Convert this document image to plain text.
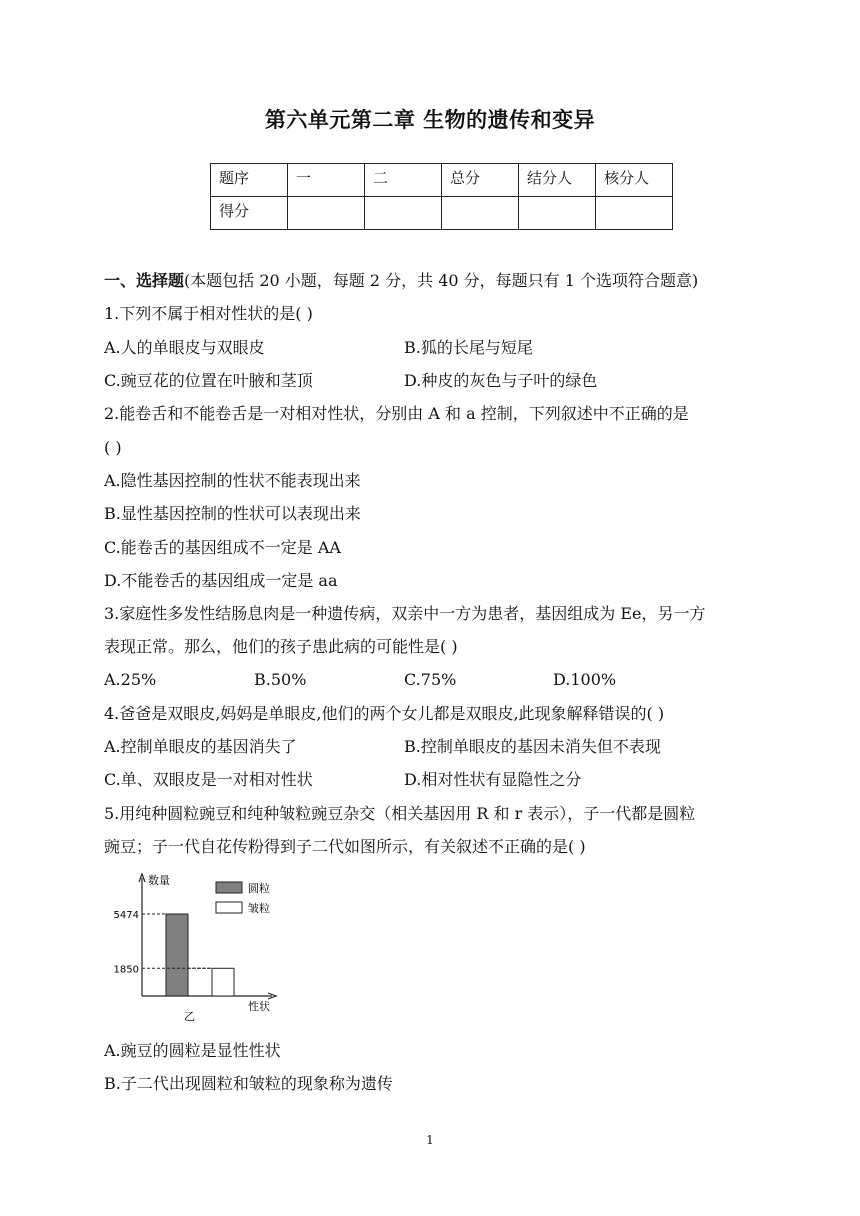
第六单元第二章 生物的遗传和变异
题序	一	二	总分	结分人	核分人
得分					
一、选择题(本题包括 20 小题，每题 2 分，共 40 分，每题只有 1 个选项符合题意)
1.下列不属于相对性状的是( )
A.人的单眼皮与双眼皮	B.狐的长尾与短尾
C.豌豆花的位置在叶腋和茎顶	D.种皮的灰色与子叶的绿色
2.能卷舌和不能卷舌是一对相对性状，分别由 A 和 a 控制，下列叙述中不正确的是
( )
A.隐性基因控制的性状不能表现出来
B.显性基因控制的性状可以表现出来
C.能卷舌的基因组成不一定是 AA
D.不能卷舌的基因组成一定是 aa
3.家庭性多发性结肠息肉是一种遗传病，双亲中一方为患者，基因组成为 Ee，另一方
表现正常。那么，他们的孩子患此病的可能性是( )
A.25%	B.50%	C.75%	D.100%
4.爸爸是双眼皮,妈妈是单眼皮,他们的两个女儿都是双眼皮,此现象解释错误的( )
A.控制单眼皮的基因消失了	B.控制单眼皮的基因未消失但不表现
C.单、双眼皮是一对相对性状	D.相对性状有显隐性之分
5.用纯种圆粒豌豆和纯种皱粒豌豆杂交（相关基因用 R 和 r 表示），子一代都是圆粒
豌豆；子一代自花传粉得到子二代如图所示，有关叙述不正确的是( )
数量
性状
乙
5474
1850
圆粒
皱粒
A.豌豆的圆粒是显性性状
B.子二代出现圆粒和皱粒的现象称为遗传
1
